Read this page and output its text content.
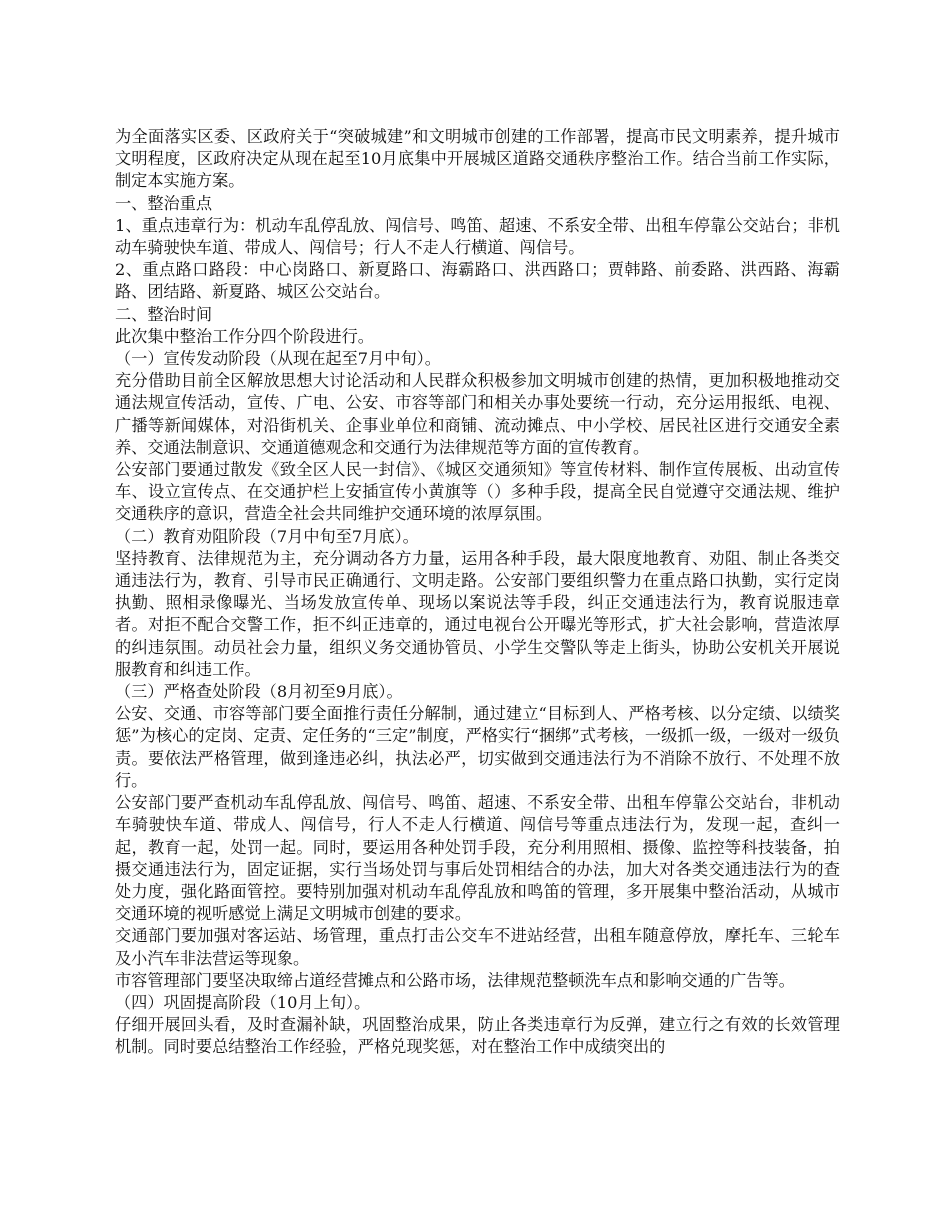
为全面落实区委、区政府关于“突破城建”和文明城市创建的工作部署，提高市民文明素养，提升城市文明程度，区政府决定从现在起至10月底集中开展城区道路交通秩序整治工作。结合当前工作实际，制定本实施方案。

一、整治重点

1、重点违章行为：机动车乱停乱放、闯信号、鸣笛、超速、不系安全带、出租车停靠公交站台；非机动车骑驶快车道、带成人、闯信号；行人不走人行横道、闯信号。

2、重点路口路段：中心岗路口、新夏路口、海霸路口、洪西路口；贾韩路、前委路、洪西路、海霸路、团结路、新夏路、城区公交站台。

二、整治时间

此次集中整治工作分四个阶段进行。

（一）宣传发动阶段（从现在起至7月中旬）。

充分借助目前全区解放思想大讨论活动和人民群众积极参加文明城市创建的热情，更加积极地推动交通法规宣传活动，宣传、广电、公安、市容等部门和相关办事处要统一行动，充分运用报纸、电视、广播等新闻媒体，对沿街机关、企事业单位和商铺、流动摊点、中小学校、居民社区进行交通安全素养、交通法制意识、交通道德观念和交通行为法律规范等方面的宣传教育。

公安部门要通过散发《致全区人民一封信》、《城区交通须知》等宣传材料、制作宣传展板、出动宣传车、设立宣传点、在交通护栏上安插宣传小黄旗等（）多种手段，提高全民自觉遵守交通法规、维护交通秩序的意识，营造全社会共同维护交通环境的浓厚氛围。

（二）教育劝阻阶段（7月中旬至7月底）。

坚持教育、法律规范为主，充分调动各方力量，运用各种手段，最大限度地教育、劝阻、制止各类交通违法行为，教育、引导市民正确通行、文明走路。公安部门要组织警力在重点路口执勤，实行定岗执勤、照相录像曝光、当场发放宣传单、现场以案说法等手段，纠正交通违法行为，教育说服违章者。对拒不配合交警工作，拒不纠正违章的，通过电视台公开曝光等形式，扩大社会影响，营造浓厚的纠违氛围。动员社会力量，组织义务交通协管员、小学生交警队等走上街头，协助公安机关开展说服教育和纠违工作。

（三）严格查处阶段（8月初至9月底）。

公安、交通、市容等部门要全面推行责任分解制，通过建立“目标到人、严格考核、以分定绩、以绩奖惩”为核心的定岗、定责、定任务的“三定”制度，严格实行“捆绑”式考核，一级抓一级，一级对一级负责。要依法严格管理，做到逢违必纠，执法必严，切实做到交通违法行为不消除不放行、不处理不放行。

公安部门要严查机动车乱停乱放、闯信号、鸣笛、超速、不系安全带、出租车停靠公交站台，非机动车骑驶快车道、带成人、闯信号，行人不走人行横道、闯信号等重点违法行为，发现一起，查纠一起，教育一起，处罚一起。同时，要运用各种处罚手段，充分利用照相、摄像、监控等科技装备，拍摄交通违法行为，固定证据，实行当场处罚与事后处罚相结合的办法，加大对各类交通违法行为的查处力度，强化路面管控。要特别加强对机动车乱停乱放和鸣笛的管理，多开展集中整治活动，从城市交通环境的视听感觉上满足文明城市创建的要求。

交通部门要加强对客运站、场管理，重点打击公交车不进站经营，出租车随意停放，摩托车、三轮车及小汽车非法营运等现象。

市容管理部门要坚决取缔占道经营摊点和公路市场，法律规范整顿洗车点和影响交通的广告等。

（四）巩固提高阶段（10月上旬）。

仔细开展回头看，及时查漏补缺，巩固整治成果，防止各类违章行为反弹，建立行之有效的长效管理机制。同时要总结整治工作经验，严格兑现奖惩，对在整治工作中成绩突出的
